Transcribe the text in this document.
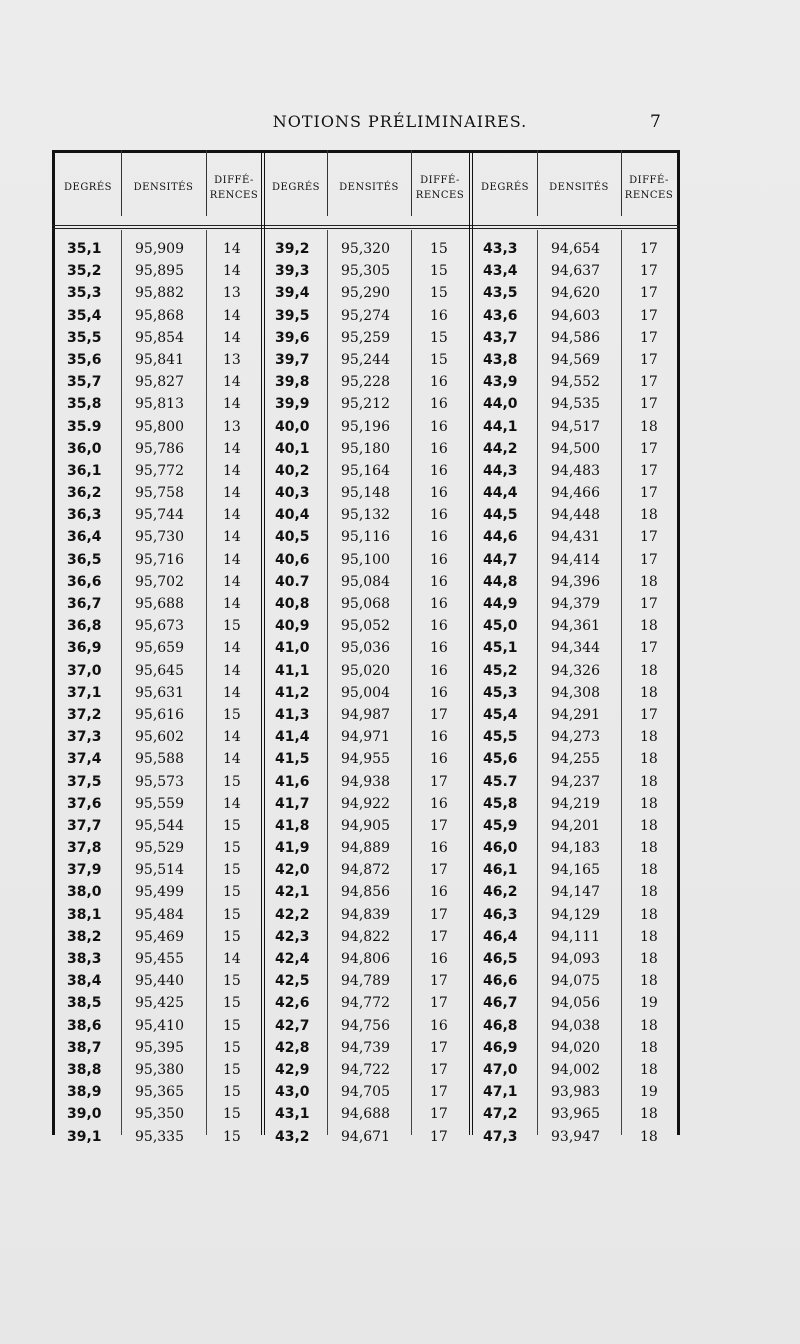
NOTIONS PRÉLIMINAIRES.	7
DEGRÉS	DENSITÉS
DIFFÉ-
RENCES
35,1 95,909	14
35,2 95,895	14
35,3 95,882	13
35,4 95,868	14
35,5 95,854	14
35,6 95,841	13
35,7 95,827	14
35,8 95,813	14
35.9 95,800	13
36,0 95,786	14
36,1 95,772	14
36,2 95,758	14
36,3 95,744	14
36,4 95,730	14
36,5 95,716	14
36,6 95,702	14
36,7 95,688	14
36,8 95,673	15
36,9 95,659	14
37,0 95,645	14
37,1 95,631	14
37,2 95,616	15
37,3 95,602	14
37,4 95,588	14
37,5 95,573	15
37,6 95,559	14
37,7 95,544	15
37,8 95,529	15
37,9 95,514	15
38,0 95,499	15
38,1 95,484	15
38,2 95,469	15
38,3 95,455	14
38,4 95,440	15
38,5 95,425	15
38,6 95,410	15
38,7 95,395	15
38,8 95,380	15
38,9 95,365	15
39,0 95,350	15
39,1 95,335	15
DEGRÉS	DENSITÉS
DIFFÉ-
RENCES
39,2 95,320	15
39,3 95,305	15
39,4 95,290	15
39,5 95,274	16
39,6 95,259	15
39,7 95,244	15
39,8 95,228	16
39,9 95,212	16
40,0 95,196	16
40,1 95,180	16
40,2 95,164	16
40,3 95,148	16
40,4 95,132	16
40,5 95,116	16
40,6 95,100	16
40.7 95,084	16
40,8 95,068	16
40,9 95,052	16
41,0 95,036	16
41,1 95,020	16
41,2 95,004	16
41,3 94,987	17
41,4 94,971	16
41,5 94,955	16
41,6 94,938	17
41,7 94,922	16
41,8 94,905	17
41,9 94,889	16
42,0 94,872	17
42,1 94,856	16
42,2 94,839	17
42,3 94,822	17
42,4 94,806	16
42,5 94,789	17
42,6 94,772	17
42,7 94,756	16
42,8 94,739	17
42,9 94,722	17
43,0 94,705	17
43,1 94,688	17
43,2 94,671	17
DEGRÉS	DENSITÉS
DIFFÉ-
RENCES
43,3 94,654	17
43,4 94,637	17
43,5 94,620	17
43,6 94,603	17
43,7 94,586	17
43,8 94,569	17
43,9 94,552	17
44,0 94,535	17
44,1 94,517	18
44,2 94,500	17
44,3 94,483	17
44,4 94,466	17
44,5 94,448	18
44,6 94,431	17
44,7 94,414	17
44,8 94,396	18
44,9 94,379	17
45,0 94,361	18
45,1 94,344	17
45,2 94,326	18
45,3 94,308	18
45,4 94,291	17
45,5 94,273	18
45,6 94,255	18
45.7 94,237	18
45,8 94,219	18
45,9 94,201	18
46,0 94,183	18
46,1 94,165	18
46,2 94,147	18
46,3 94,129	18
46,4 94,111	18
46,5 94,093	18
46,6 94,075	18
46,7 94,056	19
46,8 94,038	18
46,9 94,020	18
47,0 94,002	18
47,1 93,983	19
47,2 93,965	18
47,3 93,947	18
